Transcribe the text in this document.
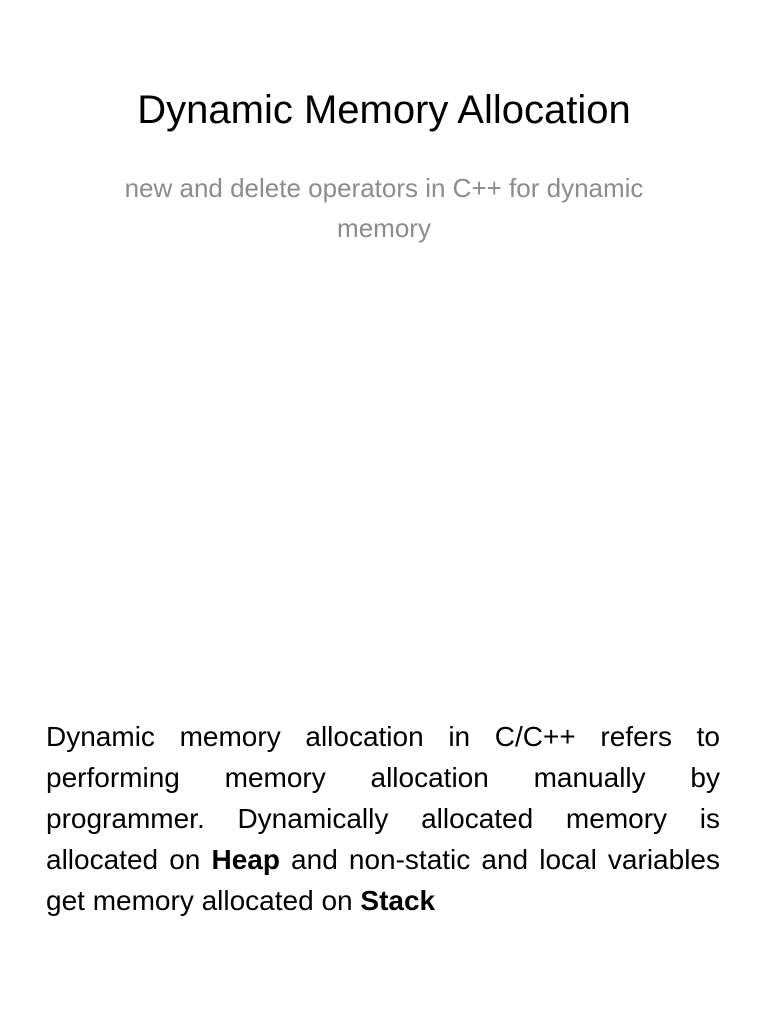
Dynamic Memory Allocation
new and delete operators in C++ for dynamic memory
Dynamic memory allocation in C/C++ refers to performing memory allocation manually by programmer. Dynamically allocated memory is allocated on Heap and non-static and local variables get memory allocated on Stack
